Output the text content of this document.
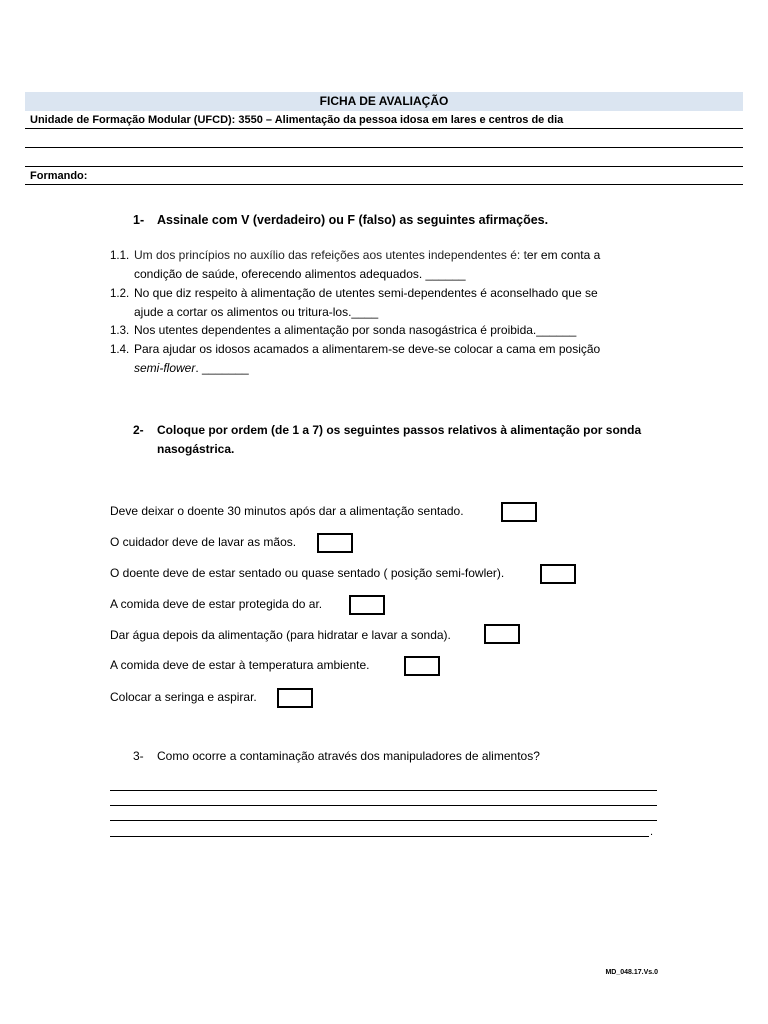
FICHA DE AVALIAÇÃO
Unidade de Formação Modular (UFCD): 3550 – Alimentação da pessoa idosa em lares e centros de dia
Formando:
1- Assinale com V (verdadeiro) ou F (falso) as seguintes afirmações.
1.1. Um dos princípios no auxílio das refeições aos utentes independentes é: ter em conta a
condição de saúde, oferecendo alimentos adequados. ______
1.2. No que diz respeito à alimentação de utentes semi-dependentes é aconselhado que se
ajude a cortar os alimentos ou tritura-los.____
1.3. Nos utentes dependentes a alimentação por sonda nasogástrica é proibida.______
1.4. Para ajudar os idosos acamados a alimentarem-se deve-se colocar a cama em posição
semi-flower. _______
2- Coloque por ordem (de 1 a 7) os seguintes passos relativos à alimentação por sonda
nasogástrica.
Deve deixar o doente 30 minutos após dar a alimentação sentado.
O cuidador deve de lavar as mãos.
O doente deve de estar sentado ou quase sentado ( posição semi-fowler).
A comida deve de estar protegida do ar.
Dar água depois da alimentação (para hidratar e lavar a sonda).
A comida deve de estar à temperatura ambiente.
Colocar a seringa e aspirar.
3- Como ocorre a contaminação através dos manipuladores de alimentos?
.
MD_048.17.Vs.0
